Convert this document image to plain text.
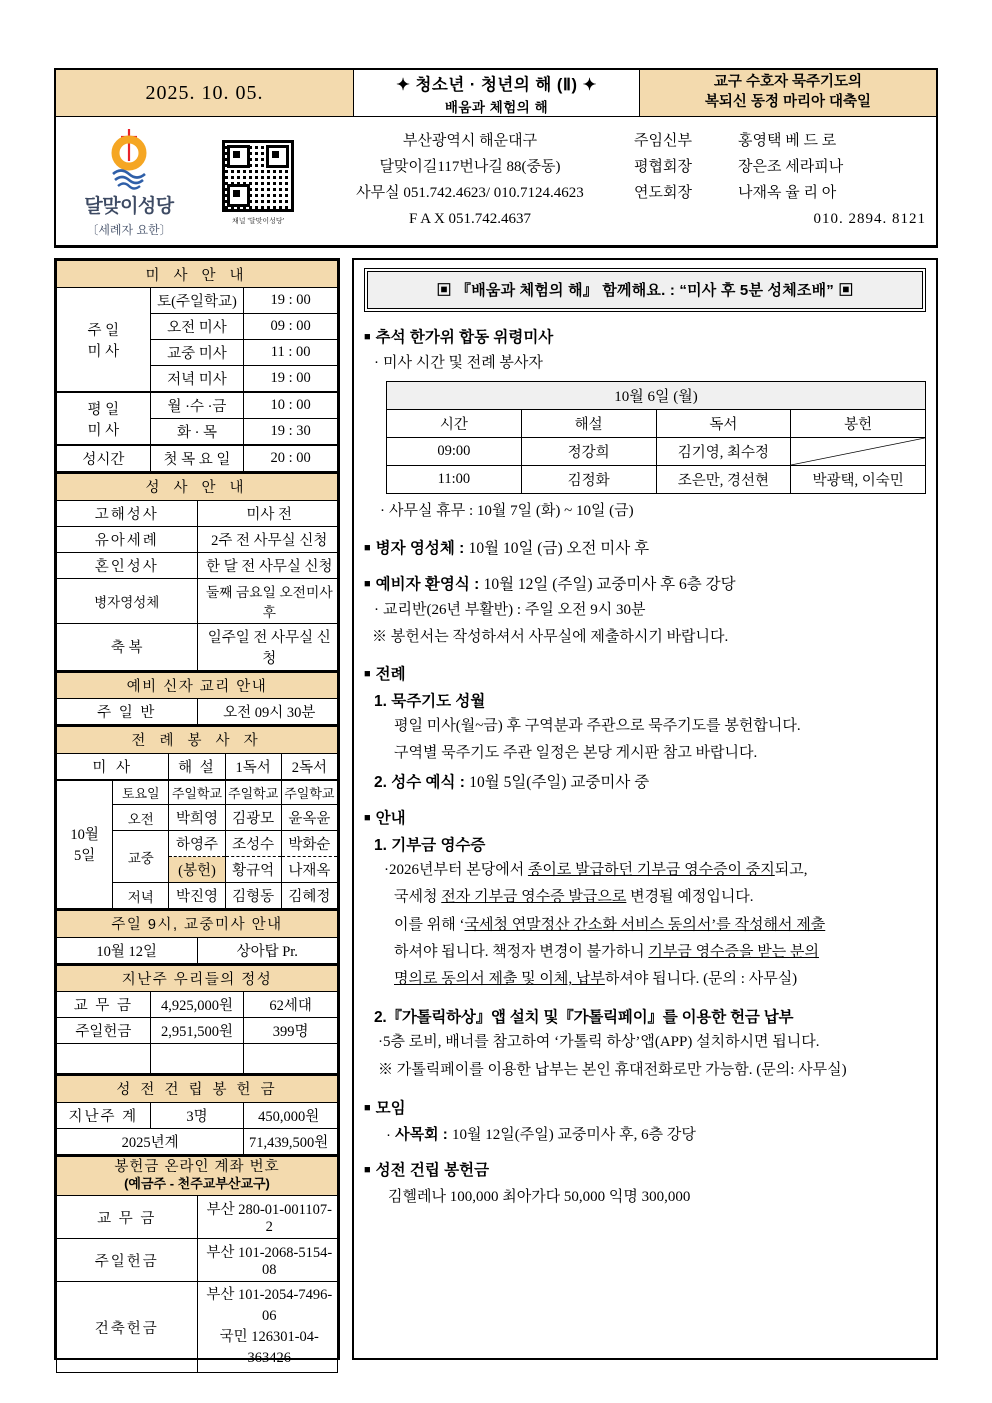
2025. 10. 05.	✦ 청소년 · 청년의 해 (Ⅱ) ✦
배움과 체험의 해
교구 수호자 묵주기도의
복되신 동정 마리아 대축일
달맞이성당
〔세례자 요한〕
채널 '달맞이성당'
부산광역시 해운대구
달맞이길117번나길 88(중동)
사무실 051.742.4623/ 010.7124.4623
F A X 051.742.4637
주임신부	홍영택 베 드 로
평협회장	장은조 세라피나
연도회장	나재옥 율 리 아
010. 2894. 8121
미 사 안 내		

주 일
미 사	토(주일학교)	19 : 00
	오전 미사	09 : 00
	교중 미사	11 : 00
	저녁 미사	19 : 00

평 일
미 사	월 ·수 ·금	10 : 00
	화 · 목	19 : 30
성시간	첫 목 요 일	20 : 00
성 사 안 내	
고해성사	미사 전
유아세례	2주 전 사무실 신청
혼인성사	한 달 전 사무실 신청
병자영성체	둘째 금요일 오전미사 후
축 복	일주일 전 사무실 신청
예비 신자 교리 안내
주 일 반	오전 09시 30분
전 례 봉 사 자				
미 사		해 설	1독서	2독서

10월
5일	토요일	주일학교	주일학교	주일학교
	오전	박희영	김광모	윤옥윤
	교중	하영주	조성수	박화순
		(봉헌)	황규억	나재옥
	저녁	박진영	김형동	김혜정
주일 9시, 교중미사 안내
10월 12일	상아탑 Pr.
지난주 우리들의 정성		
교 무 금	4,925,000원	62세대
주일헌금	2,951,500원	399명

성 전 건 립 봉 헌 금		
지난주 계	3명	450,000원
2025년계		71,439,500원
봉헌금 온라인 계좌 번호
(예금주 - 천주교부산교구)	
교 무 금	부산 280-01-001107-2
주일헌금	부산 101-2068-5154-08
건축헌금	부산 101-2054-7496-06
국민 126301-04-363426
▣ 『배움과 체험의 해』 함께해요. : “미사 후 5분 성체조배” ▣
■ 추석 한가위 합동 위령미사
· 미사 시간 및 전례 봉사자
10월 6일 (월)			
시간	해설	독서	봉헌
09:00	정강희	김기영, 최수정	

11:00	김정화	조은만, 경선현	박광택, 이숙민
· 사무실 휴무 : 10월 7일 (화) ~ 10일 (금)
■ 병자 영성체 : 10월 10일 (금) 오전 미사 후
■ 예비자 환영식 : 10월 12일 (주일) 교중미사 후 6층 강당
· 교리반(26년 부활반) : 주일 오전 9시 30분
※ 봉헌서는 작성하셔서 사무실에 제출하시기 바랍니다.
■ 전례
1. 묵주기도 성월
평일 미사(월~금) 후 구역분과 주관으로 묵주기도를 봉헌합니다.
구역별 묵주기도 주관 일정은 본당 게시판 참고 바랍니다.
2. 성수 예식 : 10월 5일(주일) 교중미사 중
■ 안내
1. 기부금 영수증
·2026년부터 본당에서 종이로 발급하던 기부금 영수증이 중지되고,
국세청 전자 기부금 영수증 발급으로 변경될 예정입니다.
이를 위해 ‘국세청 연말정산 간소화 서비스 동의서’를 작성해서 제출
하셔야 됩니다. 책정자 변경이 불가하니 기부금 영수증을 받는 분의
명의로 동의서 제출 및 이체, 납부하셔야 됩니다. (문의 : 사무실)
2.『가톨릭하상』앱 설치 및『가톨릭페이』를 이용한 헌금 납부
·5층 로비, 배너를 참고하여 ‘가톨릭 하상’앱(APP) 설치하시면 됩니다.
※ 가톨릭페이를 이용한 납부는 본인 휴대전화로만 가능함. (문의: 사무실)
■ 모임
· 사목회 : 10월 12일(주일) 교중미사 후, 6층 강당
■ 성전 건립 봉헌금
김헬레나 100,000 최아가다 50,000 익명 300,000
